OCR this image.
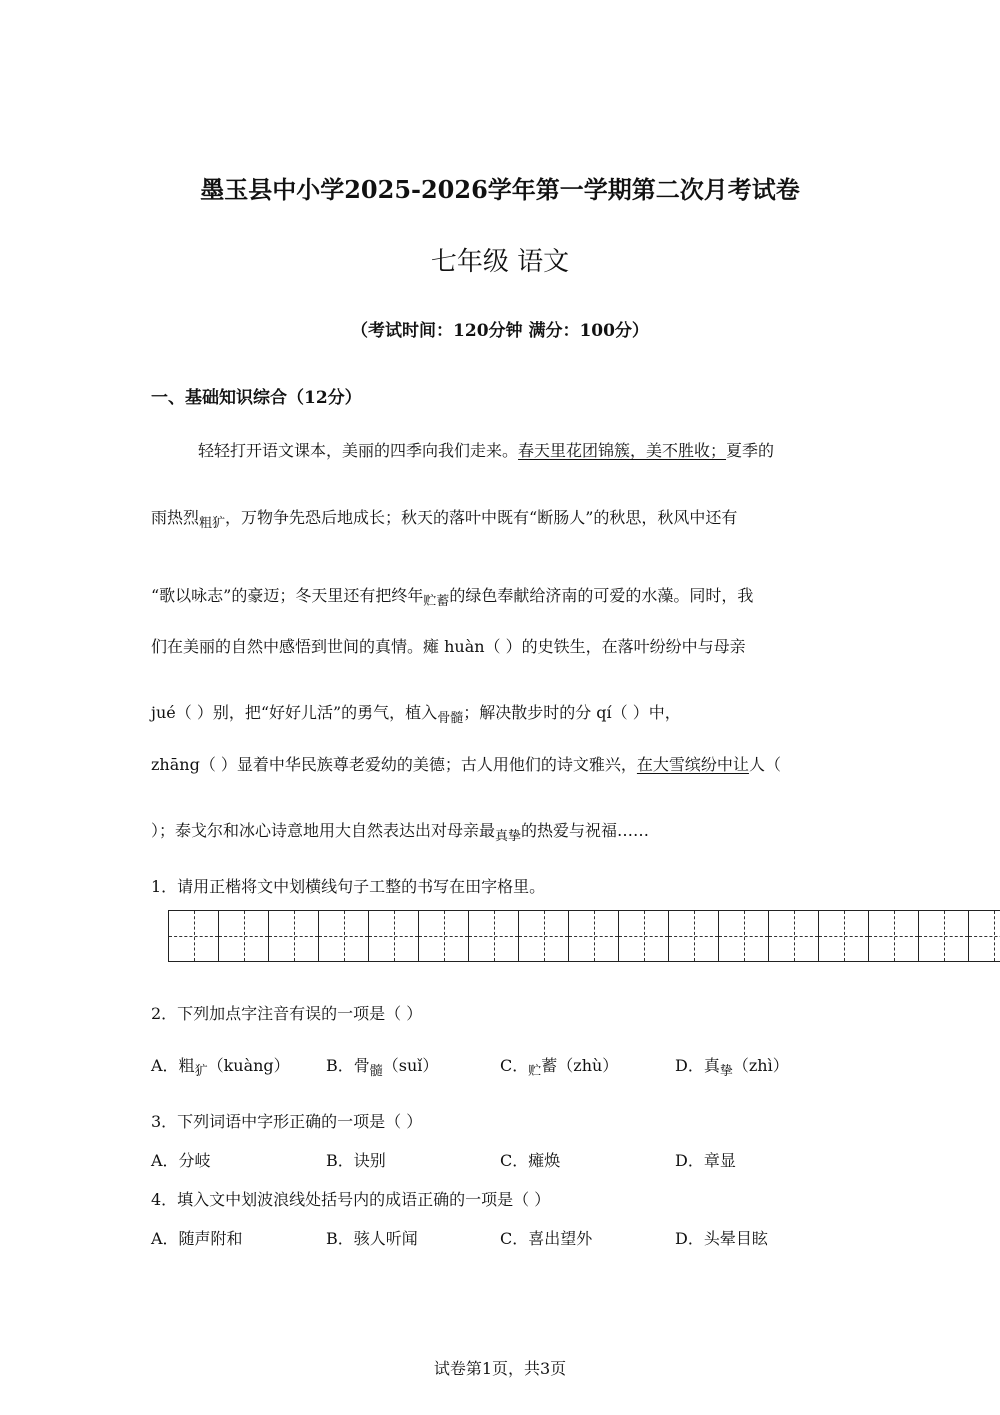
墨玉县中小学2025-2026学年第一学期第二次月考试卷
七年级 语文
（考试时间：120分钟 满分：100分）
一、基础知识综合（12分）
轻轻打开语文课本，美丽的四季向我们走来。春天里花团锦簇，美不胜收；夏季的
雨热烈$_{粗犷}$，万物争先恐后地成长；秋天的落叶中既有“断肠人”的秋思，秋风中还有
“歌以咏志”的豪迈；冬天里还有把终年$_{贮蓄}$的绿色奉献给济南的可爱的水藻。同时，我
们在美丽的自然中感悟到世间的真情。瘫 huàn（ ）的史铁生，在落叶纷纷中与母亲
jué（ ）别，把“好好儿活”的勇气，植入$_{骨髓}$；解决散步时的分 qí（ ）中，
zhāng（ ）显着中华民族尊老爱幼的美德；古人用他们的诗文雅兴，在大雪缤纷中让人（
）；泰戈尔和冰心诗意地用大自然表达出对母亲最$_{真挚}$的热爱与祝福……
1．请用正楷将文中划横线句子工整的书写在田字格里。
2．下列加点字注音有误的一项是（ ）
A．粗$_犷$（kuàng） B．骨$_髓$（suǐ）	C．$_贮$蓄（zhù）	D．真$_挚$（zhì）
3．下列词语中字形正确的一项是（ ）
A．分岐	B．诀别	C．瘫焕	D．章显
4．填入文中划波浪线处括号内的成语正确的一项是（ ）
A．随声附和	B．骇人听闻	C．喜出望外	D．头晕目眩
试卷第1页，共3页
